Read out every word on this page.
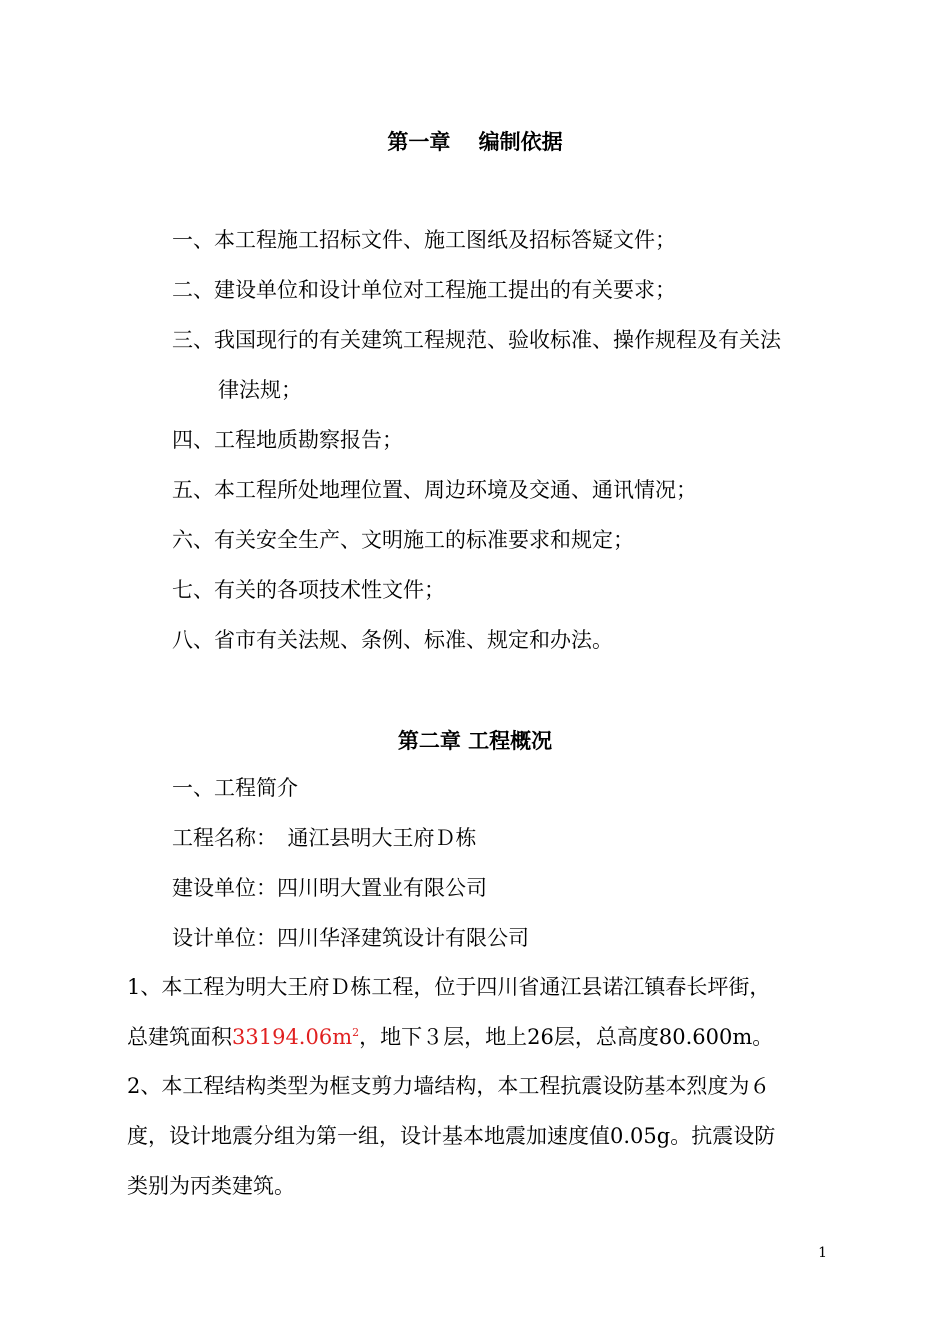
第一章　 编制依据
一、本工程施工招标文件、施工图纸及招标答疑文件；
二、建设单位和设计单位对工程施工提出的有关要求；
三、我国现行的有关建筑工程规范、验收标准、操作规程及有关法
律法规；
四、工程地质勘察报告；
五、本工程所处地理位置、周边环境及交通、通讯情况；
六、有关安全生产、文明施工的标准要求和规定；
七、有关的各项技术性文件；
八、省市有关法规、条例、标准、规定和办法。
第二章 工程概况
一、工程简介
工程名称：　通江县明大王府Ｄ栋
建设单位：四川明大置业有限公司
设计单位：四川华泽建筑设计有限公司
1、本工程为明大王府Ｄ栋工程，位于四川省通江县诺江镇春长坪街，
总建筑面积$33194.06m^2$，地下３层，地上26层，总高度80.600m。
2、本工程结构类型为框支剪力墙结构，本工程抗震设防基本烈度为６
度，设计地震分组为第一组，设计基本地震加速度值0.05g。抗震设防
类别为丙类建筑。
1
